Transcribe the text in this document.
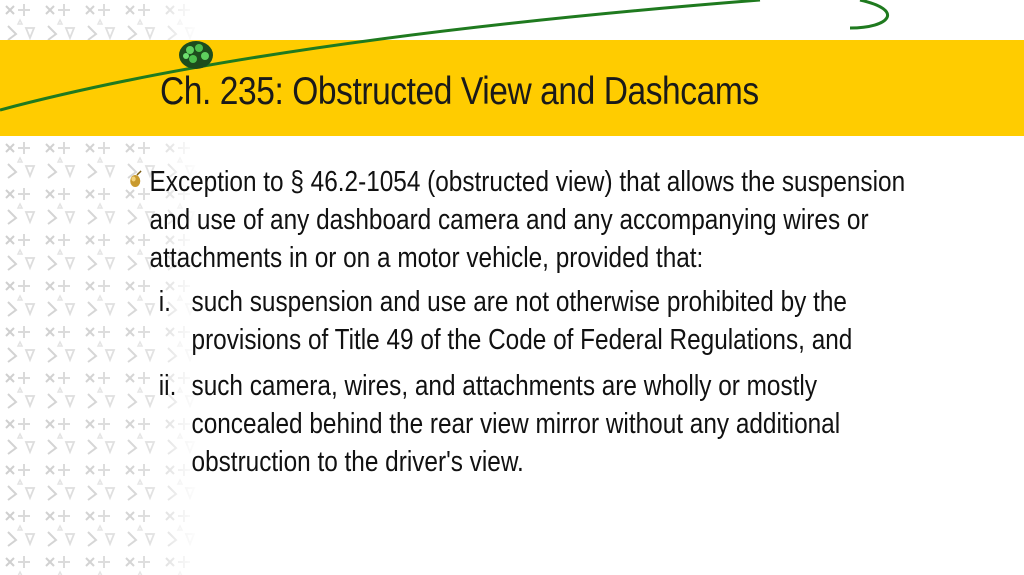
Ch. 235: Obstructed View and Dashcams
Exception to § 46.2-1054 (obstructed view) that allows the suspension
and use of any dashboard camera and any accompanying wires or
attachments in or on a motor vehicle, provided that:
i. such suspension and use are not otherwise prohibited by the
provisions of Title 49 of the Code of Federal Regulations, and
ii. such camera, wires, and attachments are wholly or mostly
concealed behind the rear view mirror without any additional
obstruction to the driver's view.
